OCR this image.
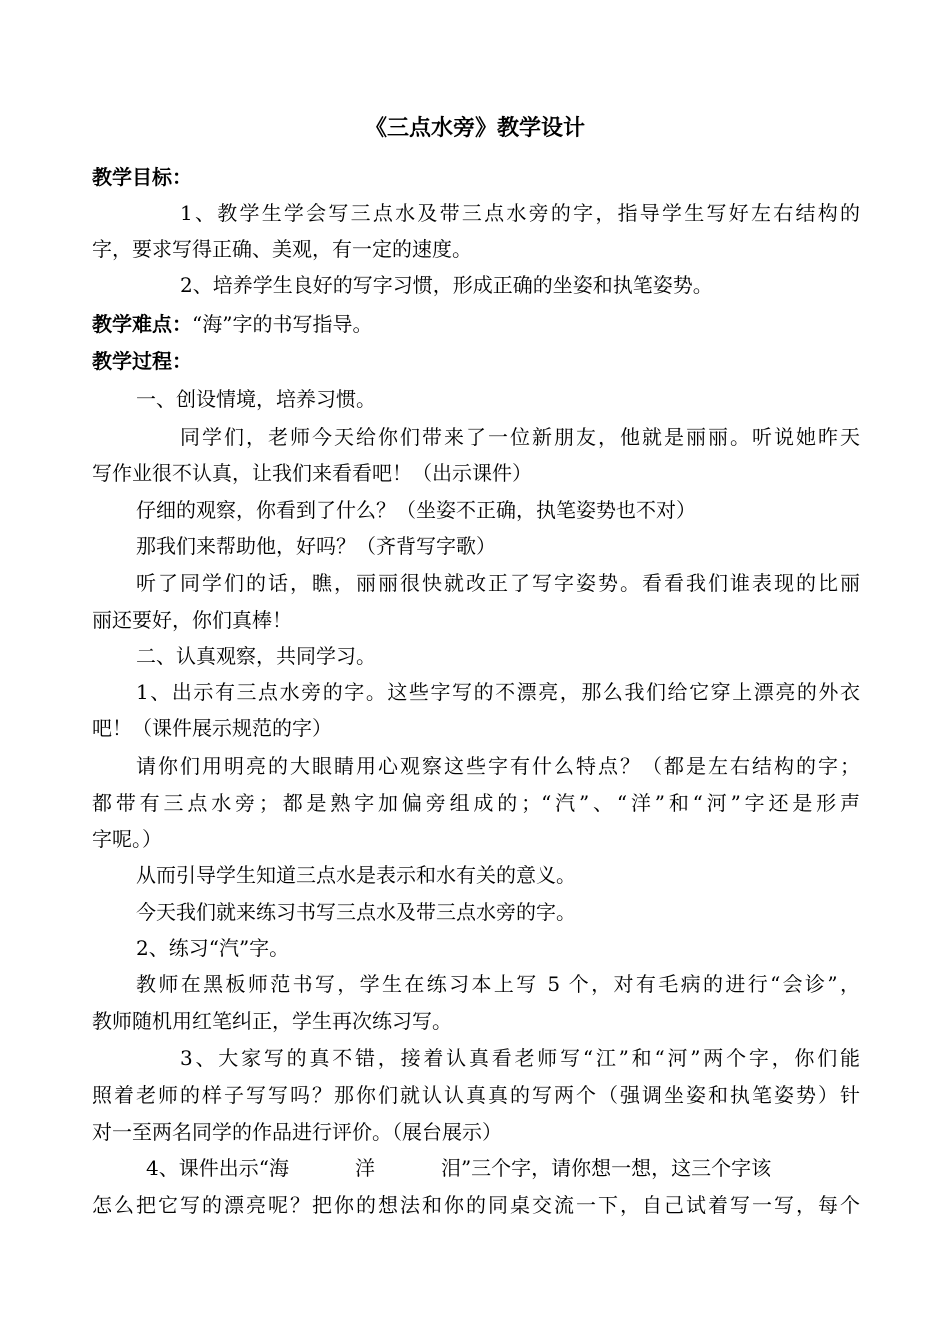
《三点水旁》教学设计
教学目标：
1、教学生学会写三点水及带三点水旁的字，指导学生写好左右结构的
字，要求写得正确、美观，有一定的速度。
2、培养学生良好的写字习惯，形成正确的坐姿和执笔姿势。
教学难点：“海”字的书写指导。
教学过程：
一、创设情境，培养习惯。
同学们，老师今天给你们带来了一位新朋友，他就是丽丽。听说她昨天
写作业很不认真，让我们来看看吧！（出示课件）
仔细的观察，你看到了什么？（坐姿不正确，执笔姿势也不对）
那我们来帮助他，好吗？（齐背写字歌）
听了同学们的话，瞧，丽丽很快就改正了写字姿势。看看我们谁表现的比丽
丽还要好，你们真棒！
二、认真观察，共同学习。
1、出示有三点水旁的字。这些字写的不漂亮，那么我们给它穿上漂亮的外衣
吧！（课件展示规范的字）
请你们用明亮的大眼睛用心观察这些字有什么特点？（都是左右结构的字；
都带有三点水旁；都是熟字加偏旁组成的；“汽”、“洋”和“河”字还是形声
字呢。）
从而引导学生知道三点水是表示和水有关的意义。
今天我们就来练习书写三点水及带三点水旁的字。
2、练习“汽”字。
教师在黑板师范书写，学生在练习本上写 5 个，对有毛病的进行“会诊”，
教师随机用红笔纠正，学生再次练习写。
3、大家写的真不错，接着认真看老师写“江”和“河”两个字，你们能
照着老师的样子写写吗？那你们就认认真真的写两个（强调坐姿和执笔姿势）针
对一至两名同学的作品进行评价。（展台展示）
4、课件出示“海	洋	泪”三个字，请你想一想，这三个字该
怎么把它写的漂亮呢？把你的想法和你的同桌交流一下，自己试着写一写，每个
